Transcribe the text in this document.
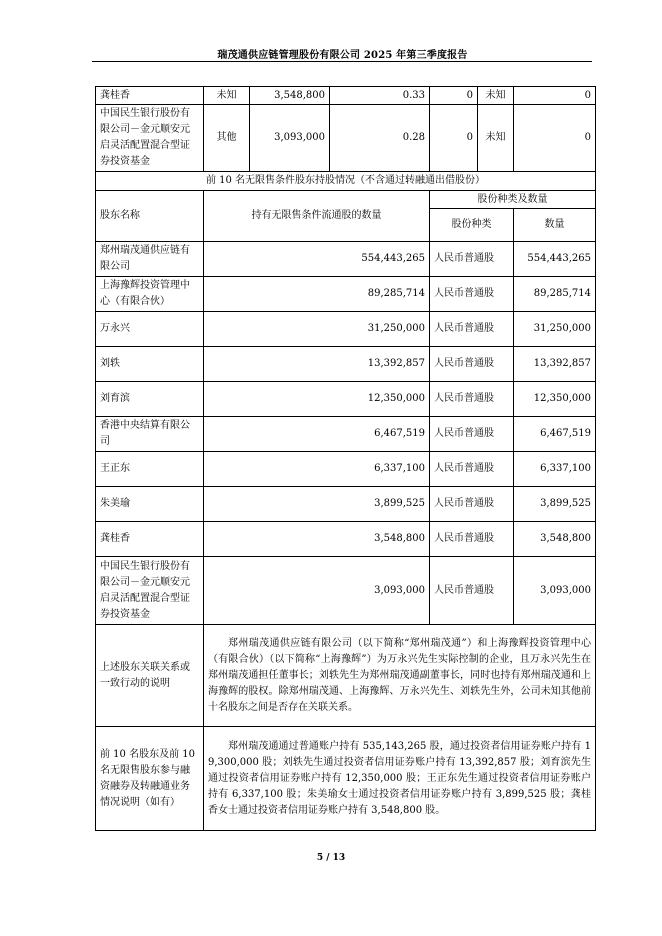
瑞茂通供应链管理股份有限公司 2025 年第三季度报告
龚桂香	未知	3,548,800	0.33	0	未知	0
中国民生银行股份有限公司－金元顺安元启灵活配置混合型证券投资基金	其他	3,093,000	0.28	0	未知	0
前 10 名无限售条件股东持股情况（不含通过转融通出借股份）						
股东名称	持有无限售条件流通股的数量			股份种类及数量		
				股份种类		数量
郑州瑞茂通供应链有限公司	554,443,265			人民币普通股		554,443,265
上海豫辉投资管理中心（有限合伙）	89,285,714			人民币普通股		89,285,714
万永兴	31,250,000			人民币普通股		31,250,000
刘轶	13,392,857			人民币普通股		13,392,857
刘育滨	12,350,000			人民币普通股		12,350,000
香港中央结算有限公司	6,467,519			人民币普通股		6,467,519
王正东	6,337,100			人民币普通股		6,337,100
朱美瑜	3,899,525			人民币普通股		3,899,525
龚桂香	3,548,800			人民币普通股		3,548,800
中国民生银行股份有限公司－金元顺安元启灵活配置混合型证券投资基金	3,093,000			人民币普通股		3,093,000
上述股东关联关系或一致行动的说明	郑州瑞茂通供应链有限公司（以下简称“郑州瑞茂通”）和上海豫辉投资管理中心（有限合伙）（以下简称“上海豫辉”）为万永兴先生实际控制的企业，且万永兴先生在郑州瑞茂通担任董事长；刘轶先生为郑州瑞茂通副董事长，同时也持有郑州瑞茂通和上海豫辉的股权。除郑州瑞茂通、上海豫辉、万永兴先生、刘轶先生外，公司未知其他前十名股东之间是否存在关联关系。					
前 10 名股东及前 10 名无限售股东参与融资融券及转融通业务情况说明（如有）	郑州瑞茂通通过普通账户持有 535,143,265 股，通过投资者信用证券账户持有 19,300,000 股；刘轶先生通过投资者信用证券账户持有 13,392,857 股；刘育滨先生通过投资者信用证券账户持有 12,350,000 股；王正东先生通过投资者信用证券账户持有 6,337,100 股；朱美瑜女士通过投资者信用证券账户持有 3,899,525 股；龚桂香女士通过投资者信用证券账户持有 3,548,800 股。					
5 / 13
